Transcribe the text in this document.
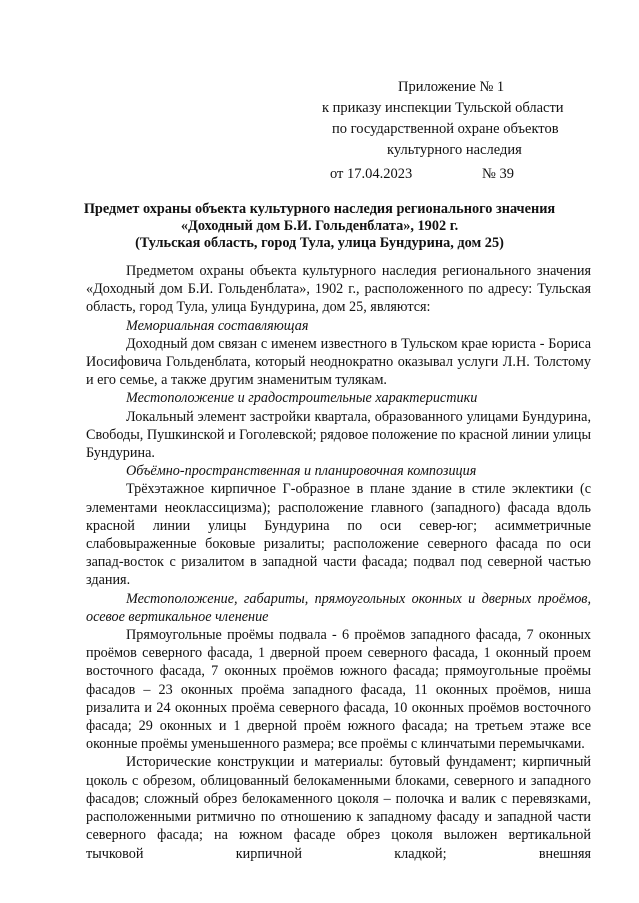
Приложение № 1
к приказу инспекции Тульской области
по государственной охране объектов
культурного наследия
от 17.04.2023	№ 39
Предмет охраны объекта культурного наследия регионального значения
«Доходный дом Б.И. Гольденблата», 1902 г.
(Тульская область, город Тула, улица Бундурина, дом 25)

Предметом охраны объекта культурного наследия регионального значения «Доходный дом Б.И. Гольденблата», 1902 г., расположенного по адресу: Тульская область, город Тула, улица Бундурина, дом 25, являются:

Мемориальная составляющая

Доходный дом связан с именем известного в Тульском крае юриста - Бориса Иосифовича Гольденблата, который неоднократно оказывал услуги Л.Н. Толстому и его семье, а также другим знаменитым тулякам.

Местоположение и градостроительные характеристики

Локальный элемент застройки квартала, образованного улицами Бундурина, Свободы, Пушкинской и Гоголевской; рядовое положение по красной линии улицы Бундурина.

Объёмно-пространственная и планировочная композиция

Трёхэтажное кирпичное Г-образное в плане здание в стиле эклектики (с элементами неоклассицизма); расположение главного (западного) фасада вдоль красной линии улицы Бундурина по оси север-юг; асимметричные слабовыраженные боковые ризалиты; расположение северного фасада по оси запад-восток с ризалитом в западной части фасада; подвал под северной частью здания.

Местоположение, габариты, прямоугольных оконных и дверных проёмов, осевое вертикальное членение

Прямоугольные проёмы подвала - 6 проёмов западного фасада, 7 оконных проёмов северного фасада, 1 дверной проем северного фасада, 1 оконный проем восточного фасада, 7 оконных проёмов южного фасада; прямоугольные проёмы фасадов – 23 оконных проёма западного фасада, 11 оконных проёмов, ниша ризалита и 24 оконных проёма северного фасада, 10 оконных проёмов восточного фасада; 29 оконных и 1 дверной проём южного фасада; на третьем этаже все оконные проёмы уменьшенного размера; все проёмы с клинчатыми перемычками.

Исторические конструкции и материалы: бутовый фундамент; кирпичный цоколь с обрезом, облицованный белокаменными блоками, северного и западного фасадов; сложный обрез белокаменного цоколя – полочка и валик с перевязками, расположенными ритмично по отношению к западному фасаду и западной части северного фасада; на южном фасаде обрез цоколя выложен вертикальной тычковой кирпичной кладкой; внешняя
